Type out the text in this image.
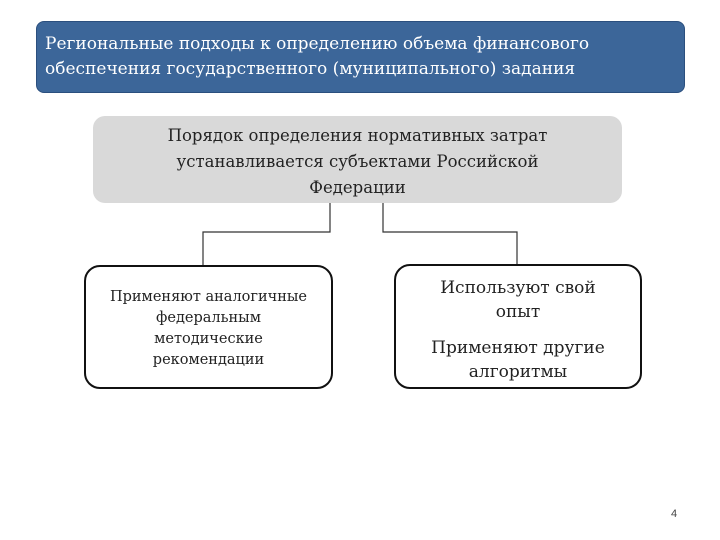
Региональные подходы к определению объема финансового
обеспечения государственного (муниципального) задания
Порядок определения нормативных затрат
устанавливается субъектами Российской
Федерации
Применяют аналогичные
федеральным
методические
рекомендации
Используют свой
опыт
Применяют другие
алгоритмы
4
